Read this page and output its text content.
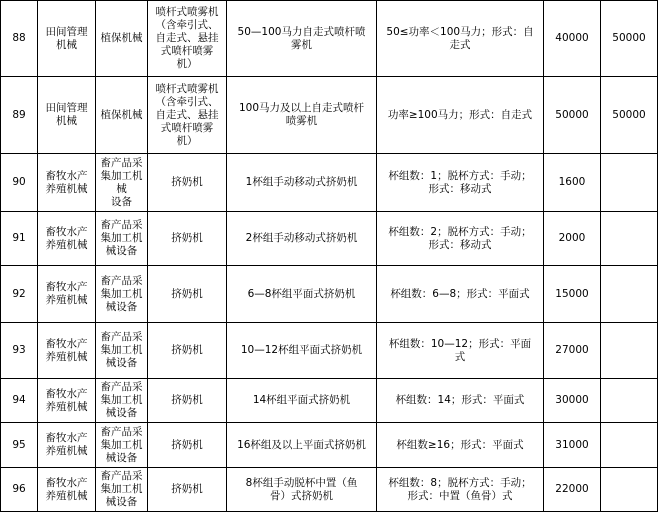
88	田间管理
机械	植保机械	喷杆式喷雾机
（含牵引式、
自走式、悬挂
式喷杆喷雾
机）	50—100马力自走式喷杆喷
雾机	50≤功率＜100马力；形式：自
走式	40000	50000
89	田间管理
机械	植保机械	喷杆式喷雾机
（含牵引式、
自走式、悬挂
式喷杆喷雾
机）	100马力及以上自走式喷杆
喷雾机	功率≥100马力；形式：自走式	50000	50000
90	畜牧水产
养殖机械	畜产品采
集加工机
械
设备	挤奶机	1杯组手动移动式挤奶机	杯组数：1；脱杯方式：手动；
形式：移动式	1600	
91	畜牧水产
养殖机械	畜产品采
集加工机
械设备	挤奶机	2杯组手动移动式挤奶机	杯组数：2；脱杯方式：手动；
形式：移动式	2000	
92	畜牧水产
养殖机械	畜产品采
集加工机
械设备	挤奶机	6—8杯组平面式挤奶机	杯组数：6—8；形式：平面式	15000	
93	畜牧水产
养殖机械	畜产品采
集加工机
械设备	挤奶机	10—12杯组平面式挤奶机	杯组数：10—12；形式：平面
式	27000	
94	畜牧水产
养殖机械	畜产品采
集加工机
械设备	挤奶机	14杯组平面式挤奶机	杯组数：14；形式：平面式	30000	
95	畜牧水产
养殖机械	畜产品采
集加工机
械设备	挤奶机	16杯组及以上平面式挤奶机	杯组数≥16；形式：平面式	31000	
96	畜牧水产
养殖机械	畜产品采
集加工机
械设备	挤奶机	8杯组手动脱杯中置（鱼
骨）式挤奶机	杯组数：8；脱杯方式：手动；
形式：中置（鱼骨）式	22000	
